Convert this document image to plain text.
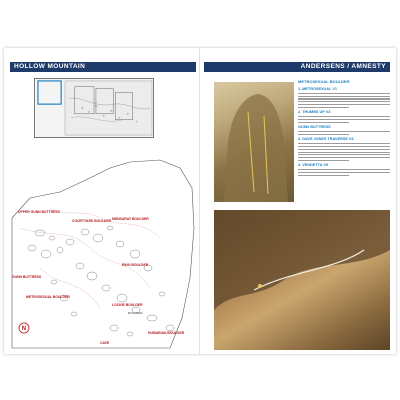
HOLLOW MOUNTAIN
UPPER GUNN BUTTRESS
COURTYARD BOULDER MENSARAY BOULDER
GUNN BUTTRESS
RING BOULDER
METROSEXUAL BOULDER
LOCKIE BOULDER
BOULDER
HUMARIAN BOULDER
CAVE
N
ANDERSENS / AMNESTY
METROSEXUAL BOULDER
1. METROSEXUAL V1
2. THUMBS UP V3
GUNN BUTTRESS
3. DAVE JONES TRAVERSE V6
4. VENDETTA V9
